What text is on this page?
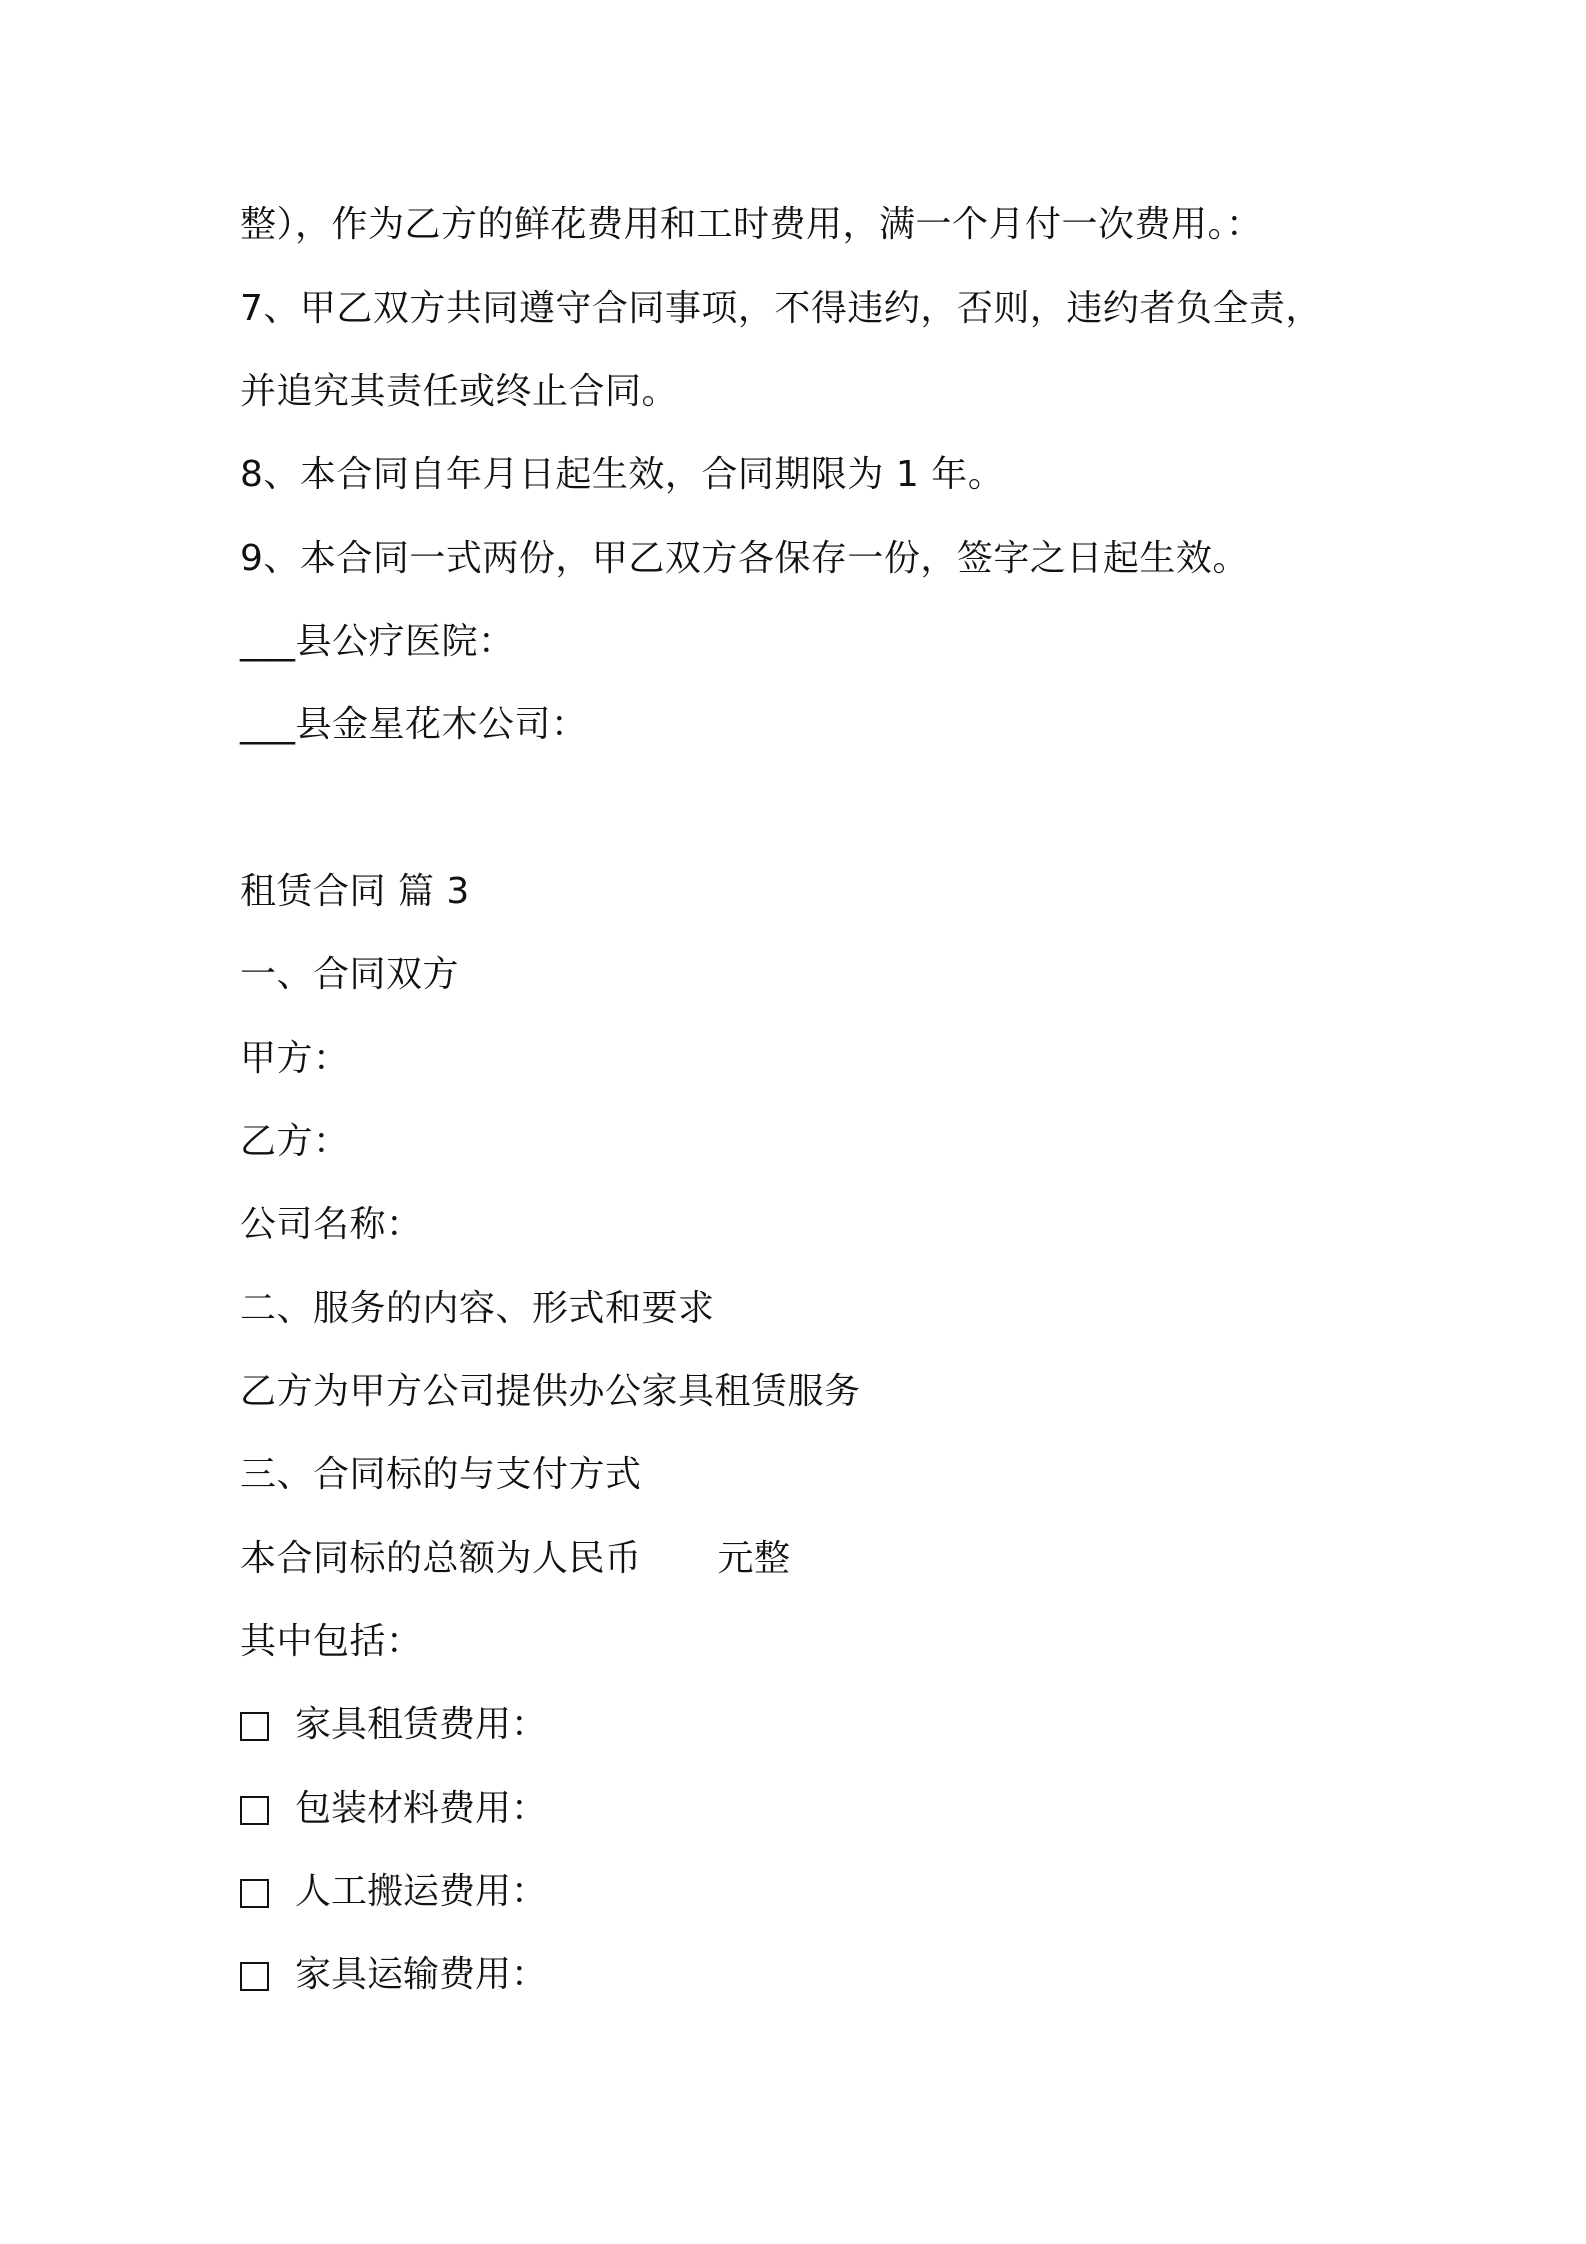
整），作为乙方的鲜花费用和工时费用，满一个月付一次费用。：
7、甲乙双方共同遵守合同事项，不得违约，否则，违约者负全责，
并追究其责任或终止合同。
8、本合同自年月日起生效，合同期限为 1 年。
9、本合同一式两份，甲乙双方各保存一份，签字之日起生效。
___县公疗医院：
___县金星花木公司：
租赁合同 篇 3
一、合同双方
甲方：
乙方：
公司名称：
二、服务的内容、形式和要求
乙方为甲方公司提供办公家具租赁服务
三、合同标的与支付方式
本合同标的总额为人民币 元整
其中包括：
家具租赁费用：
包装材料费用：
人工搬运费用：
家具运输费用：
